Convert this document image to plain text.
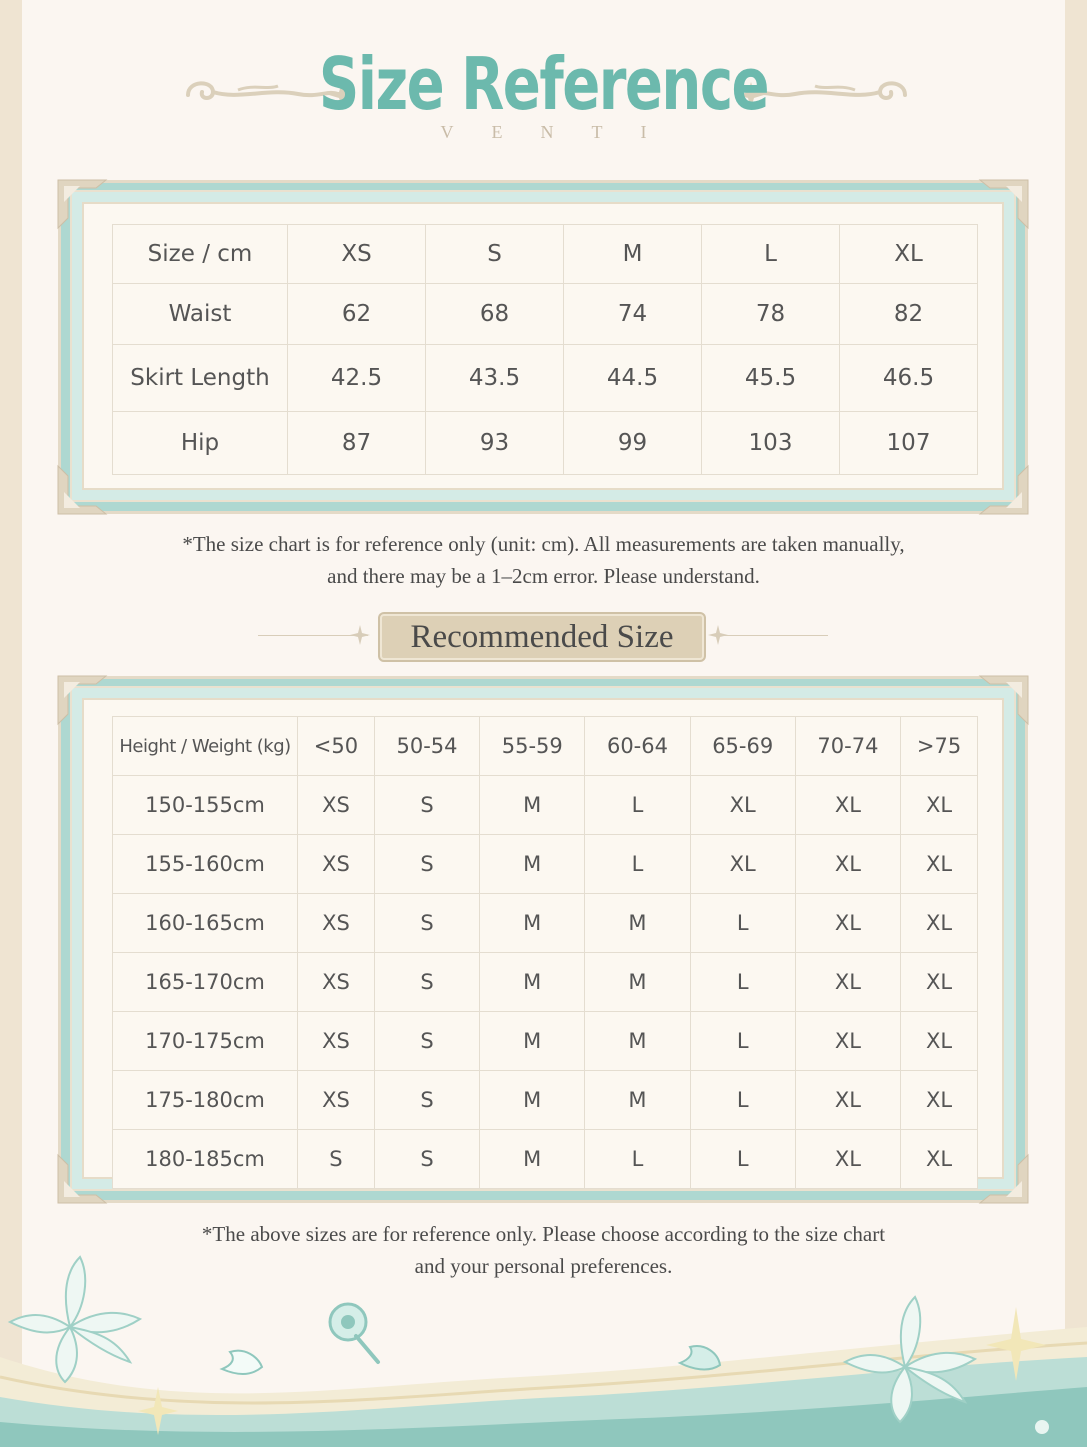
Size Reference
VENTI
Size / cm	XS	S	M	L	XL
Waist	62	68	74	78	82
Skirt Length	42.5	43.5	44.5	45.5	46.5
Hip	87	93	99	103	107
*The size chart is for reference only (unit: cm). All measurements are taken manually,
and there may be a 1–2cm error. Please understand.
Recommended Size
Height / Weight (kg)	<50	50-54	55-59	60-64	65-69	70-74	>75
150-155cm	XS	S	M	L	XL	XL	XL
155-160cm	XS	S	M	L	XL	XL	XL
160-165cm	XS	S	M	M	L	XL	XL
165-170cm	XS	S	M	M	L	XL	XL
170-175cm	XS	S	M	M	L	XL	XL
175-180cm	XS	S	M	M	L	XL	XL
180-185cm	S	S	M	L	L	XL	XL
*The above sizes are for reference only. Please choose according to the size chart
and your personal preferences.
